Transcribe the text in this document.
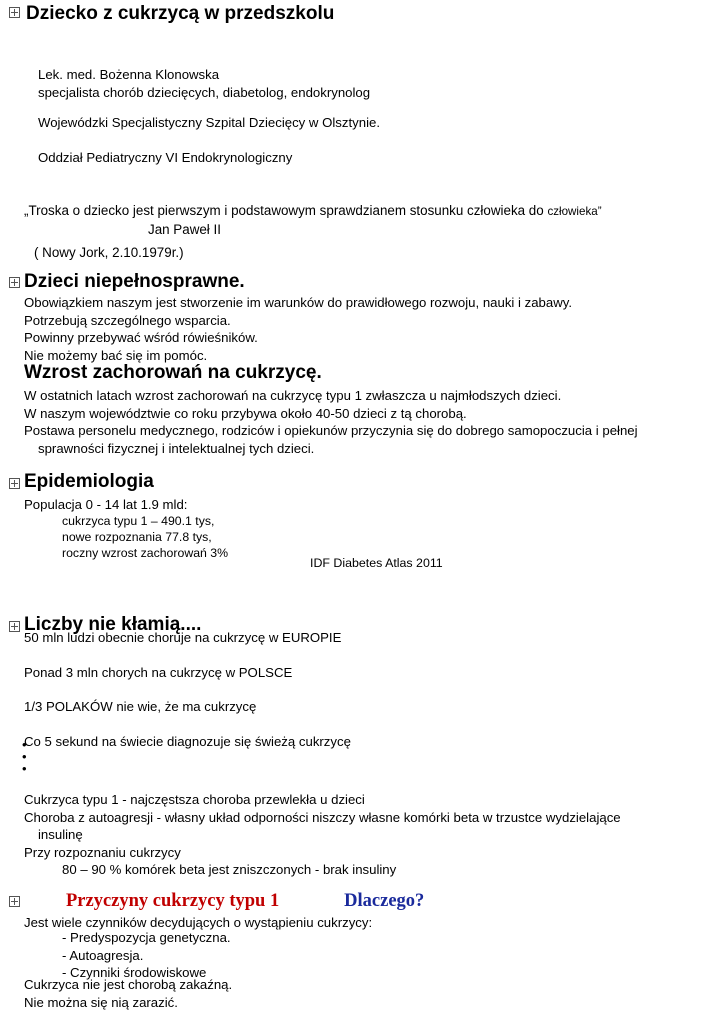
Dziecko z cukrzycą w przedszkolu

Lek. med. Bożenna Klonowska

specjalista chorób dziecięcych, diabetolog, endokrynolog

Wojewódzki Specjalistyczny Szpital Dziecięcy w Olsztynie.
Oddział Pediatryczny VI Endokrynologiczny
„Troska o dziecko jest pierwszym i podstawowym sprawdzianem stosunku człowieka do człowieka”
Jan Paweł II
( Nowy Jork, 2.10.1979r.)
Dzieci niepełnosprawne.

Obowiązkiem naszym jest stworzenie im warunków do prawidłowego rozwoju, nauki i zabawy.

Potrzebują szczególnego wsparcia.

Powinny przebywać wśród rówieśników.

Nie możemy bać się im pomóc.

Wzrost zachorowań na cukrzycę.

W ostatnich latach wzrost zachorowań na cukrzycę typu 1 zwłaszcza u najmłodszych dzieci.

W naszym województwie co roku przybywa około 40-50 dzieci z tą chorobą.

Postawa personelu medycznego, rodziców i opiekunów przyczynia się do dobrego samopoczucia i pełnej

sprawności fizycznej i intelektualnej tych dzieci.

Epidemiologia
Populacja 0 - 14 lat 1.9 mld:

cukrzyca typu 1 – 490.1 tys,

nowe rozpoznania 77.8 tys,

roczny wzrost zachorowań 3%

IDF Diabetes Atlas 2011
Liczby nie kłamią....

50 mln ludzi obecnie choruje na cukrzycę w EUROPIE

Ponad 3 mln chorych na cukrzycę w POLSCE

1/3 POLAKÓW nie wie, że ma cukrzycę

Co 5 sekund na świecie diagnozuje się świeżą cukrzycę

Cukrzyca typu 1 - najczęstsza choroba przewlekła u dzieci

Choroba z autoagresji - własny układ odporności niszczy własne komórki beta w trzustce wydzielające

insulinę

Przy rozpoznaniu cukrzycy

80 – 90 % komórek beta jest zniszczonych - brak insuliny

Przyczyny cukrzycy typu 1	Dlaczego?
Jest wiele czynników decydujących o wystąpieniu cukrzycy:

- Predyspozycja genetyczna.

- Autoagresja.

- Czynniki środowiskowe

Cukrzyca nie jest chorobą zakaźną.

Nie można się nią zarazić.
